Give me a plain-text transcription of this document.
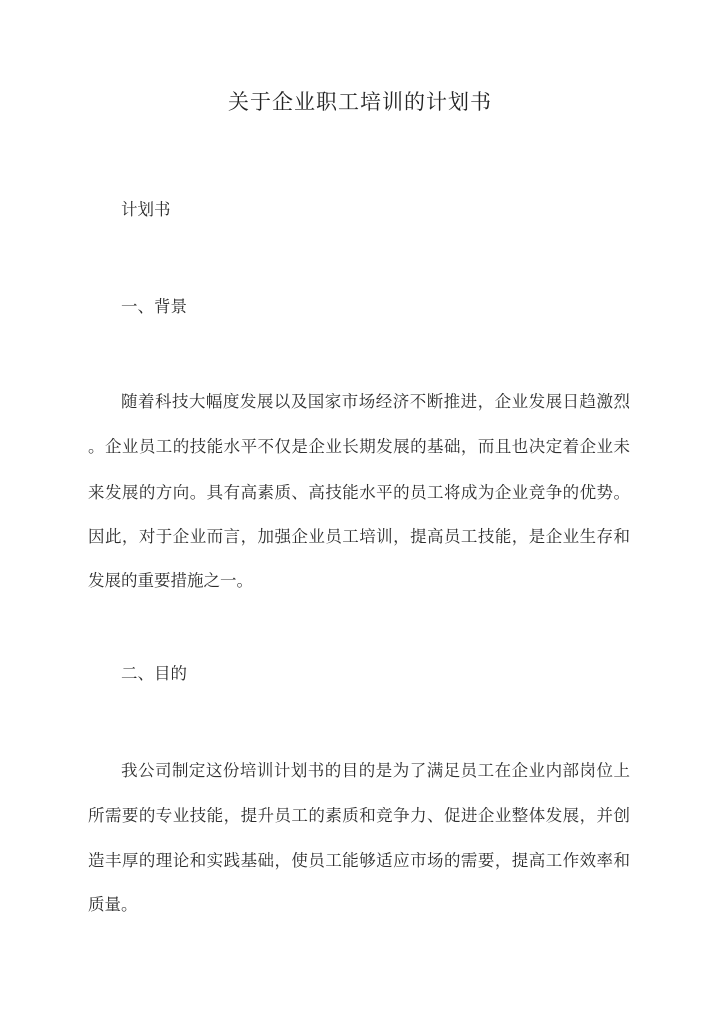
关于企业职工培训的计划书
计划书
一、背景
随着科技大幅度发展以及国家市场经济不断推进，企业发展日趋激烈
。企业员工的技能水平不仅是企业长期发展的基础，而且也决定着企业未
来发展的方向。具有高素质、高技能水平的员工将成为企业竞争的优势。
因此，对于企业而言，加强企业员工培训，提高员工技能，是企业生存和
发展的重要措施之一。
二、目的
我公司制定这份培训计划书的目的是为了满足员工在企业内部岗位上
所需要的专业技能，提升员工的素质和竞争力、促进企业整体发展，并创
造丰厚的理论和实践基础，使员工能够适应市场的需要，提高工作效率和
质量。
